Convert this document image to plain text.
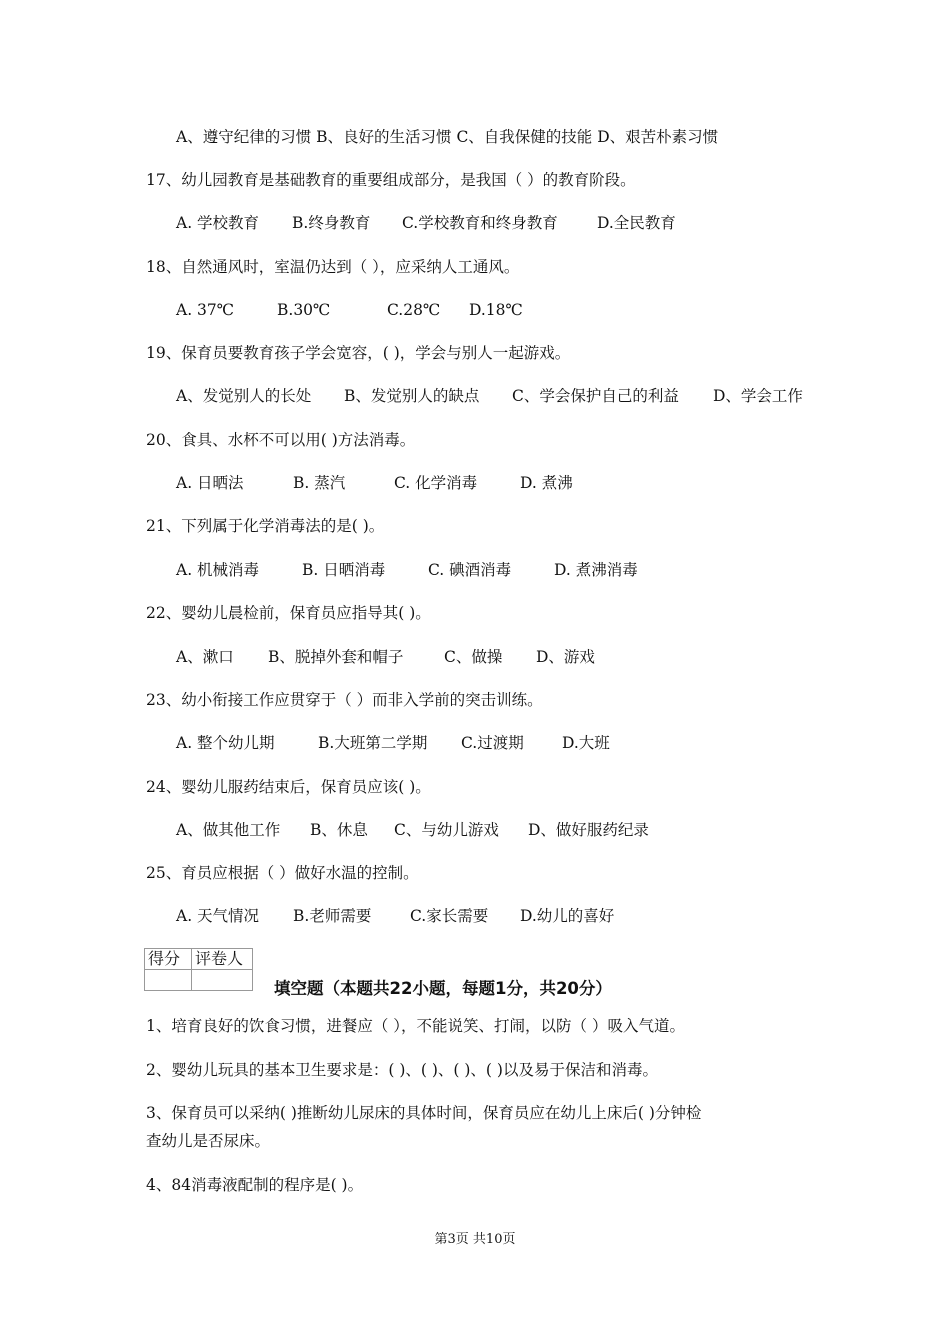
A、遵守纪律的习惯 B、良好的生活习惯 C、自我保健的技能 D、艰苦朴素习惯
17、幼儿园教育是基础教育的重要组成部分，是我国（ ）的教育阶段。
A. 学校教育 B.终身教育 C.学校教育和终身教育	D.全民教育
18、自然通风时，室温仍达到（ ），应采纳人工通风。
A. 37℃	B.30℃	C.28℃ D.18℃
19、保育员要教育孩子学会宽容，( )，学会与别人一起游戏。
A、发觉别人的长处 B、发觉别人的缺点 C、学会保护自己的利益 D、学会工作
20、食具、水杯不可以用( )方法消毒。
A. 日晒法	B. 蒸汽	C. 化学消毒	D. 煮沸
21、下列属于化学消毒法的是( )。
A. 机械消毒	B. 日晒消毒	C. 碘酒消毒	D. 煮沸消毒
22、婴幼儿晨检前，保育员应指导其( )。
A、漱口 B、脱掉外套和帽子	C、做操 D、游戏
23、幼小衔接工作应贯穿于（ ）而非入学前的突击训练。
A. 整个幼儿期	B.大班第二学期 C.过渡期 D.大班
24、婴幼儿服药结束后，保育员应该( )。
A、做其他工作 B、休息 C、与幼儿游戏 D、做好服药纪录
25、育员应根据（ ）做好水温的控制。
A. 天气情况 B.老师需要 C.家长需要 D.幼儿的喜好
得分	评卷人

填空题（本题共22小题，每题1分，共20分）
1、培育良好的饮食习惯，进餐应（ ），不能说笑、打闹，以防（ ）吸入气道。
2、婴幼儿玩具的基本卫生要求是：( )、( )、( )、( )以及易于保洁和消毒。
3、保育员可以采纳( )推断幼儿尿床的具体时间，保育员应在幼儿上床后( )分钟检
查幼儿是否尿床。
4、84消毒液配制的程序是( )。
第3页 共10页
